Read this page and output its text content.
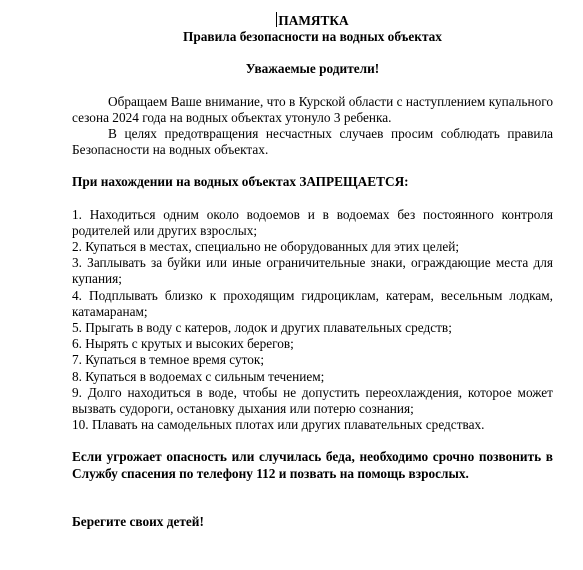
ПАМЯТКА
Правила безопасности на водных объектах
Уважаемые родители!

Обращаем Ваше внимание, что в Курской области с наступлением купального сезона 2024 года на водных объектах утонуло 3 ребенка.

В целях предотвращения несчастных случаев просим соблюдать правила Безопасности на водных объектах.

При нахождении на водных объектах ЗАПРЕЩАЕТСЯ:

1. Находиться одним около водоемов и в водоемах без постоянного контроля родителей или других взрослых;

2. Купаться в местах, специально не оборудованных для этих целей;

3. Заплывать за буйки или иные ограничительные знаки, ограждающие места для купания;

4. Подплывать близко к проходящим гидроциклам, катерам, весельным лодкам, катамаранам;

5. Прыгать в воду с катеров, лодок и других плавательных средств;

6. Нырять с крутых и высоких берегов;

7. Купаться в темное время суток;

8. Купаться в водоемах с сильным течением;

9. Долго находиться в воде, чтобы не допустить переохлаждения, которое может вызвать судороги, остановку дыхания или потерю сознания;

10. Плавать на самодельных плотах или других плавательных средствах.

Если угрожает опасность или случилась беда, необходимо срочно позвонить в Службу спасения по телефону 112 и позвать на помощь взрослых.

Берегите своих детей!
